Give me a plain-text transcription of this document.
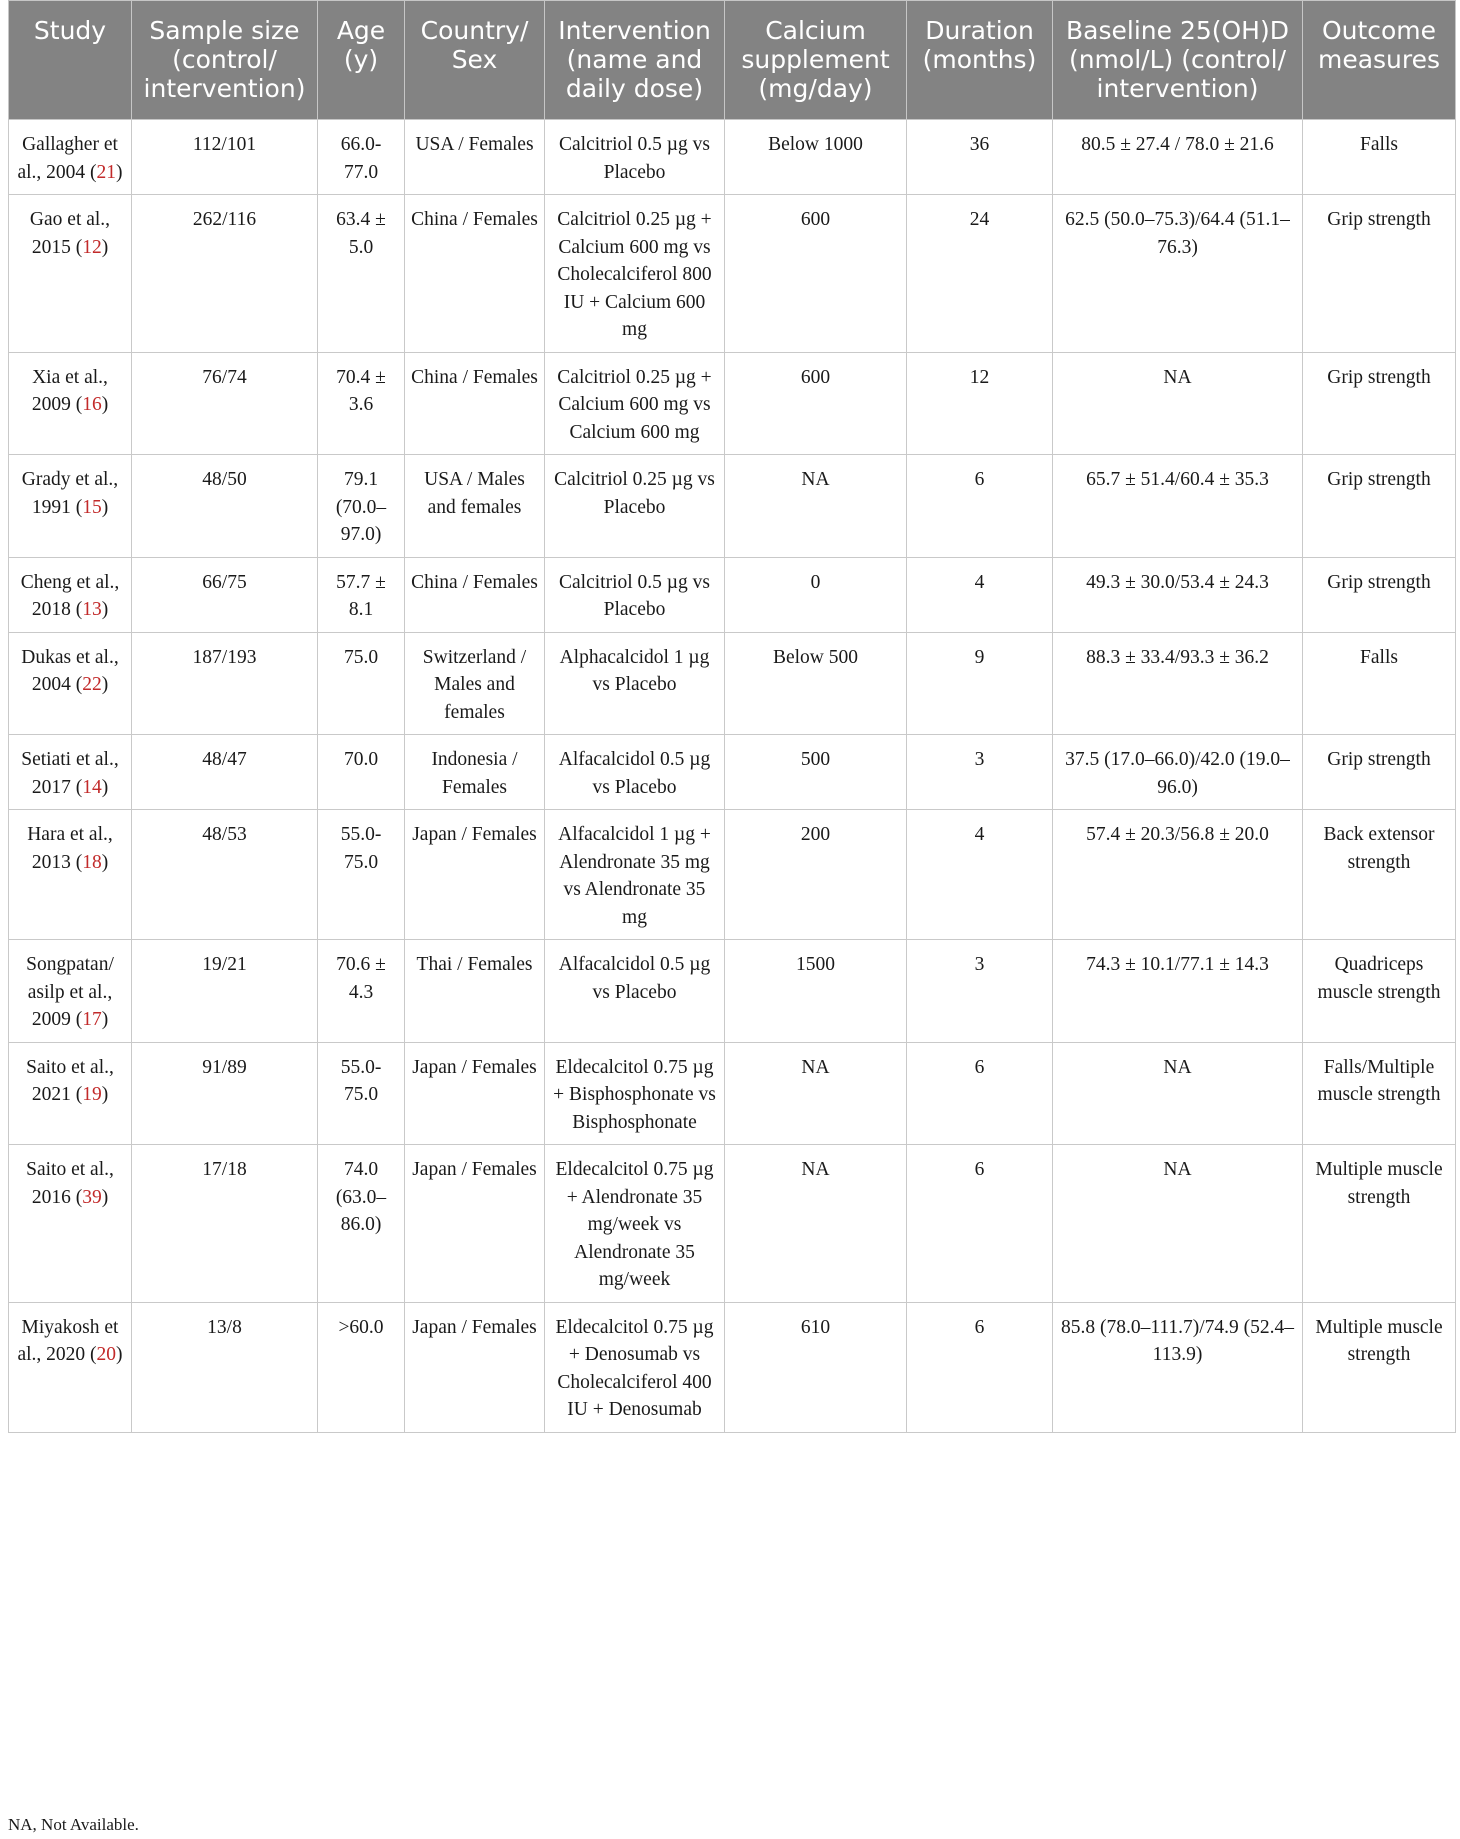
Study	Sample size (control/ intervention)	Age (y)	Country/ Sex	Intervention (name and daily dose)	Calcium supplement (mg/day)	Duration (months)	Baseline 25(OH)D (nmol/L) (control/ intervention)	Outcome measures
Gallagher et al., 2004 (21)	112/101	66.0-77.0	USA / Females	Calcitriol 0.5 µg vs Placebo	Below 1000	36	80.5 ± 27.4 / 78.0 ± 21.6	Falls
Gao et al., 2015 (12)	262/116	63.4 ± 5.0	China / Females	Calcitriol 0.25 µg + Calcium 600 mg vs Cholecalciferol 800 IU + Calcium 600 mg	600	24	62.5 (50.0–75.3)/64.4 (51.1–76.3)	Grip strength
Xia et al., 2009 (16)	76/74	70.4 ± 3.6	China / Females	Calcitriol 0.25 µg + Calcium 600 mg vs Calcium 600 mg	600	12	NA	Grip strength
Grady et al., 1991 (15)	48/50	79.1 (70.0–97.0)	USA / Males and females	Calcitriol 0.25 µg vs Placebo	NA	6	65.7 ± 51.4/60.4 ± 35.3	Grip strength
Cheng et al., 2018 (13)	66/75	57.7 ± 8.1	China / Females	Calcitriol 0.5 µg vs Placebo	0	4	49.3 ± 30.0/53.4 ± 24.3	Grip strength
Dukas et al., 2004 (22)	187/193	75.0	Switzerland / Males and females	Alphacalcidol 1 µg vs Placebo	Below 500	9	88.3 ± 33.4/93.3 ± 36.2	Falls
Setiati et al., 2017 (14)	48/47	70.0	Indonesia / Females	Alfacalcidol 0.5 µg vs Placebo	500	3	37.5 (17.0–66.0)/42.0 (19.0–96.0)	Grip strength
Hara et al., 2013 (18)	48/53	55.0-75.0	Japan / Females	Alfacalcidol 1 µg + Alendronate 35 mg vs Alendronate 35 mg	200	4	57.4 ± 20.3/56.8 ± 20.0	Back extensor strength
Songpatan/ asilp et al., 2009 (17)	19/21	70.6 ± 4.3	Thai / Females	Alfacalcidol 0.5 µg vs Placebo	1500	3	74.3 ± 10.1/77.1 ± 14.3	Quadriceps muscle strength
Saito et al., 2021 (19)	91/89	55.0-75.0	Japan / Females	Eldecalcitol 0.75 µg + Bisphosphonate vs Bisphosphonate	NA	6	NA	Falls/Multiple muscle strength
Saito et al., 2016 (39)	17/18	74.0 (63.0–86.0)	Japan / Females	Eldecalcitol 0.75 µg + Alendronate 35 mg/week vs Alendronate 35 mg/week	NA	6	NA	Multiple muscle strength
Miyakosh et al., 2020 (20)	13/8	>60.0	Japan / Females	Eldecalcitol 0.75 µg + Denosumab vs Cholecalciferol 400 IU + Denosumab	610	6	85.8 (78.0–111.7)/74.9 (52.4–113.9)	Multiple muscle strength
NA, Not Available.
